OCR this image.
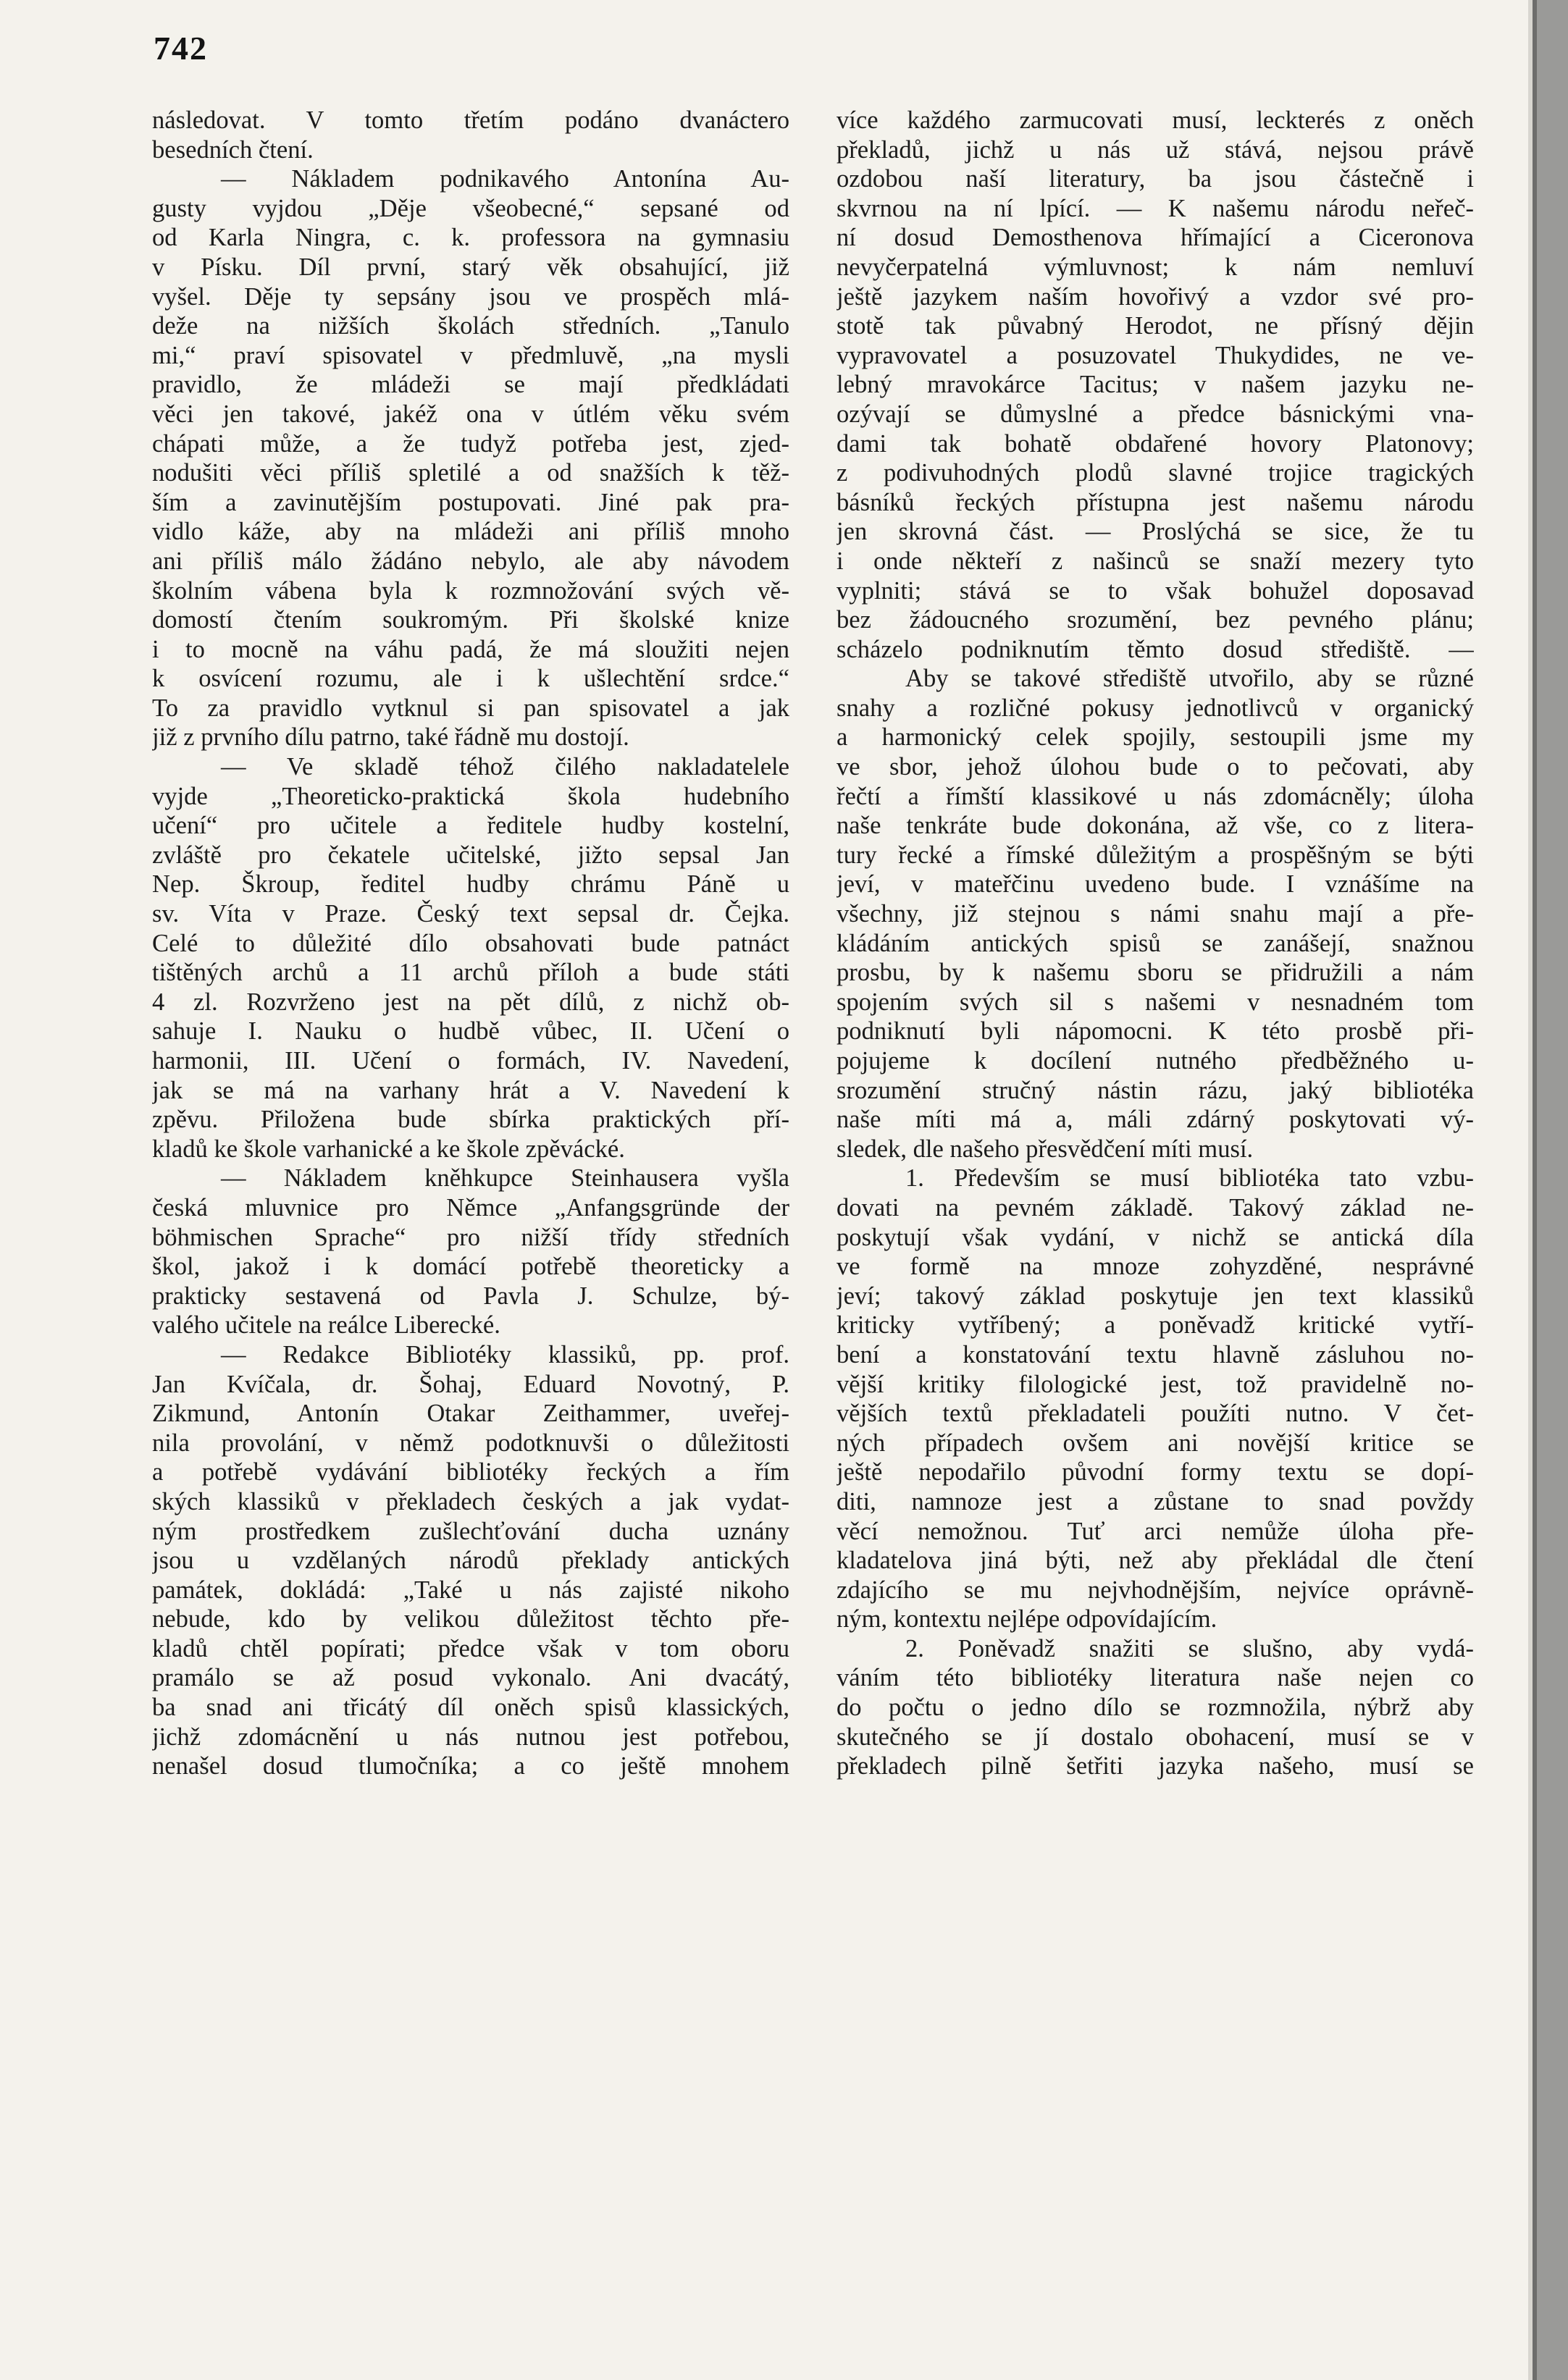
742
následovat. V tomto třetím podáno dvanáctero
besedních čtení.
— Nákladem podnikavého Antonína Au-
gusty vyjdou „Děje všeobecné,“ sepsané od
od Karla Ningra, c. k. professora na gymnasiu
v Písku. Díl první, starý věk obsahující, již
vyšel. Děje ty sepsány jsou ve prospěch mlá-
deže na nižších školách středních. „Tanulo
mi,“ praví spisovatel v předmluvě, „na mysli
pravidlo, že mládeži se mají předkládati
věci jen takové, jakéž ona v útlém věku svém
chápati může, a že tudyž potřeba jest, zjed-
nodušiti věci příliš spletilé a od snažších k těž-
ším a zavinutějším postupovati. Jiné pak pra-
vidlo káže, aby na mládeži ani příliš mnoho
ani příliš málo žádáno nebylo, ale aby návodem
školním vábena byla k rozmnožování svých vě-
domostí čtením soukromým. Při školské knize
i to mocně na váhu padá, že má sloužiti nejen
k osvícení rozumu, ale i k ušlechtění srdce.“
To za pravidlo vytknul si pan spisovatel a jak
již z prvního dílu patrno, také řádně mu dostojí.
— Ve skladě téhož čilého nakladatelele
vyjde „Theoreticko-praktická škola hudebního
učení“ pro učitele a ředitele hudby kostelní,
zvláště pro čekatele učitelské, jižto sepsal Jan
Nep. Škroup, ředitel hudby chrámu Páně u
sv. Víta v Praze. Český text sepsal dr. Čejka.
Celé to důležité dílo obsahovati bude patnáct
tištěných archů a 11 archů příloh a bude státi
4 zl. Rozvrženo jest na pět dílů, z nichž ob-
sahuje I. Nauku o hudbě vůbec, II. Učení o
harmonii, III. Učení o formách, IV. Navedení,
jak se má na varhany hrát a V. Navedení k
zpěvu. Přiložena bude sbírka praktických pří-
kladů ke škole varhanické a ke škole zpěvácké.
— Nákladem kněhkupce Steinhausera vyšla
česká mluvnice pro Němce „Anfangsgründe der
böhmischen Sprache“ pro nižší třídy středních
škol, jakož i k domácí potřebě theoreticky a
prakticky sestavená od Pavla J. Schulze, bý-
valého učitele na reálce Liberecké.
— Redakce Bibliotéky klassiků, pp. prof.
Jan Kvíčala, dr. Šohaj, Eduard Novotný, P.
Zikmund, Antonín Otakar Zeithammer, uveřej-
nila provolání, v němž podotknuvši o důležitosti
a potřebě vydávání bibliotéky řeckých a řím
ských klassiků v překladech českých a jak vydat-
ným prostředkem zušlechťování ducha uznány
jsou u vzdělaných národů překlady antických
památek, dokládá: „Také u nás zajisté nikoho
nebude, kdo by velikou důležitost těchto pře-
kladů chtěl popírati; předce však v tom oboru
pramálo se až posud vykonalo. Ani dvacátý,
ba snad ani třicátý díl oněch spisů klassických,
jichž zdomácnění u nás nutnou jest potřebou,
nenašel dosud tlumočníka; a co ještě mnohem
více každého zarmucovati musí, leckterés z oněch
překladů, jichž u nás už stává, nejsou právě
ozdobou naší literatury, ba jsou částečně i
skvrnou na ní lpící. — K našemu národu neřeč-
ní dosud Demosthenova hřímající a Ciceronova
nevyčerpatelná výmluvnost; k nám nemluví
ještě jazykem naším hovořivý a vzdor své pro-
stotě tak půvabný Herodot, ne přísný dějin
vypravovatel a posuzovatel Thukydides, ne ve-
lebný mravokárce Tacitus; v našem jazyku ne-
ozývají se důmyslné a předce básnickými vna-
dami tak bohatě obdařené hovory Platonovy;
z podivuhodných plodů slavné trojice tragických
básníků řeckých přístupna jest našemu národu
jen skrovná část. — Proslýchá se sice, že tu
i onde někteří z našinců se snaží mezery tyto
vyplniti; stává se to však bohužel doposavad
bez žádoucného srozumění, bez pevného plánu;
scházelo podniknutím těmto dosud střediště. —
Aby se takové střediště utvořilo, aby se různé
snahy a rozličné pokusy jednotlivců v organický
a harmonický celek spojily, sestoupili jsme my
ve sbor, jehož úlohou bude o to pečovati, aby
řečtí a římští klassikové u nás zdomácněly; úloha
naše tenkráte bude dokonána, až vše, co z litera-
tury řecké a římské důležitým a prospěšným se býti
jeví, v mateřčinu uvedeno bude. I vznášíme na
všechny, již stejnou s námi snahu mají a pře-
kládáním antických spisů se zanášejí, snažnou
prosbu, by k našemu sboru se přidružili a nám
spojením svých sil s našemi v nesnadném tom
podniknutí byli nápomocni. K této prosbě při-
pojujeme k docílení nutného předběžného u-
srozumění stručný nástin rázu, jaký bibliotéka
naše míti má a, máli zdárný poskytovati vý-
sledek, dle našeho přesvědčení míti musí.
1. Především se musí bibliotéka tato vzbu-
dovati na pevném základě. Takový základ ne-
poskytují však vydání, v nichž se antická díla
ve formě na mnoze zohyzděné, nesprávné
jeví; takový základ poskytuje jen text klassiků
kriticky vytříbený; a poněvadž kritické vytří-
bení a konstatování textu hlavně zásluhou no-
vější kritiky filologické jest, tož pravidelně no-
vějších textů překladateli použíti nutno. V čet-
ných případech ovšem ani novější kritice se
ještě nepodařilo původní formy textu se dopí-
diti, namnoze jest a zůstane to snad povždy
věcí nemožnou. Tuť arci nemůže úloha pře-
kladatelova jiná býti, než aby překládal dle čtení
zdajícího se mu nejvhodnějším, nejvíce oprávně-
ným, kontextu nejlépe odpovídajícím.
2. Poněvadž snažiti se slušno, aby vydá-
váním této bibliotéky literatura naše nejen co
do počtu o jedno dílo se rozmnožila, nýbrž aby
skutečného se jí dostalo obohacení, musí se v
překladech pilně šetřiti jazyka našeho, musí se
